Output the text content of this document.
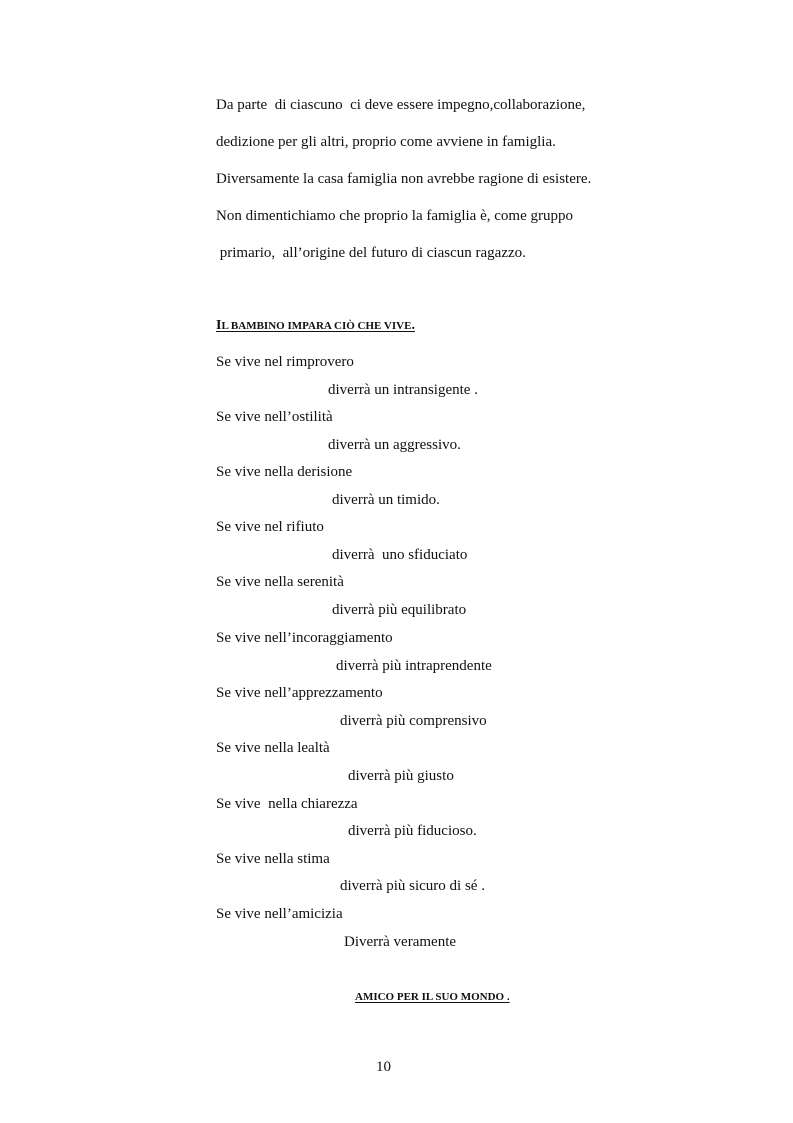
Da parte  di ciascuno  ci deve essere impegno,collaborazione,
dedizione per gli altri, proprio come avviene in famiglia.
Diversamente la casa famiglia non avrebbe ragione di esistere.
Non dimentichiamo che proprio la famiglia è, come gruppo
primario,  all’origine del futuro di ciascun ragazzo.
IL BAMBINO IMPARA CIÒ CHE VIVE.
Se vive nel rimprovero
diverrà un intransigente .
Se vive nell’ostilità
diverrà un aggressivo.
Se vive nella derisione
diverrà un timido.
Se vive nel rifiuto
diverrà  uno sfiduciato
Se vive nella serenità
diverrà più equilibrato
Se vive nell’incoraggiamento
diverrà più intraprendente
Se vive nell’apprezzamento
diverrà più comprensivo
Se vive nella lealtà
diverrà più giusto
Se vive  nella chiarezza
diverrà più fiducioso.
Se vive nella stima
diverrà più sicuro di sé .
Se vive nell’amicizia
Diverrà veramente
AMICO PER IL SUO MONDO .
10
